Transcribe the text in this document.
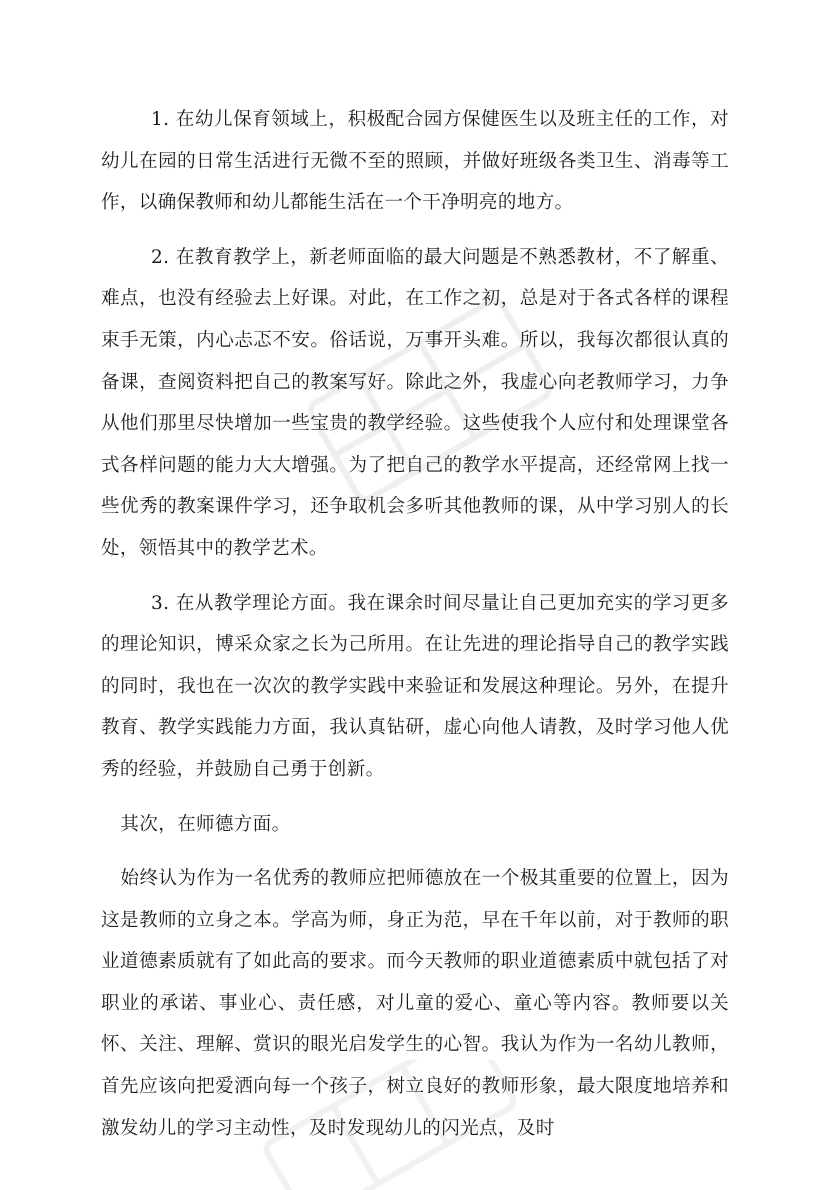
1. 在幼儿保育领域上，积极配合园方保健医生以及班主任的工作，对幼儿在园的日常生活进行无微不至的照顾，并做好班级各类卫生、消毒等工作，以确保教师和幼儿都能生活在一个干净明亮的地方。

2. 在教育教学上，新老师面临的最大问题是不熟悉教材，不了解重、难点，也没有经验去上好课。对此，在工作之初，总是对于各式各样的课程束手无策，内心忐忑不安。俗话说，万事开头难。所以，我每次都很认真的备课，查阅资料把自己的教案写好。除此之外，我虚心向老教师学习，力争从他们那里尽快增加一些宝贵的教学经验。这些使我个人应付和处理课堂各式各样问题的能力大大增强。为了把自己的教学水平提高，还经常网上找一些优秀的教案课件学习，还争取机会多听其他教师的课，从中学习别人的长处，领悟其中的教学艺术。

3. 在从教学理论方面。我在课余时间尽量让自己更加充实的学习更多的理论知识，博采众家之长为己所用。在让先进的理论指导自己的教学实践的同时，我也在一次次的教学实践中来验证和发展这种理论。另外，在提升教育、教学实践能力方面，我认真钻研，虚心向他人请教，及时学习他人优秀的经验，并鼓励自己勇于创新。

其次，在师德方面。

始终认为作为一名优秀的教师应把师德放在一个极其重要的位置上，因为这是教师的立身之本。学高为师，身正为范，早在千年以前，对于教师的职业道德素质就有了如此高的要求。而今天教师的职业道德素质中就包括了对职业的承诺、事业心、责任感，对儿童的爱心、童心等内容。教师要以关怀、关注、理解、赏识的眼光启发学生的心智。我认为作为一名幼儿教师，首先应该向把爱洒向每一个孩子，树立良好的教师形象，最大限度地培养和激发幼儿的学习主动性，及时发现幼儿的闪光点，及时
